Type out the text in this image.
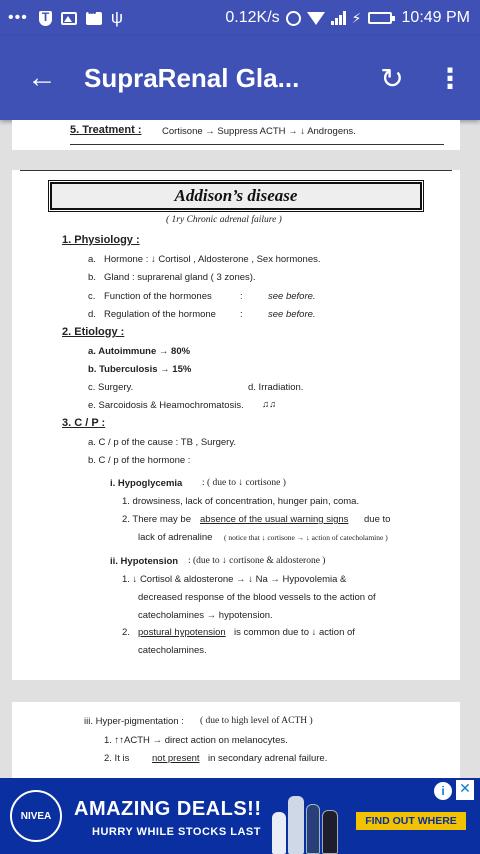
••• T •••	ψ	0.12K/s	⚡	10:49 PM
←	SupraRenal Gla...	↻	⋮
5. Treatment : Cortisone → Suppress ACTH → ↓ Androgens.
Addison’s disease
( 1ry Chronic adrenal failure )
1. Physiology :
a. Hormone : ↓ Cortisol , Aldosterone , Sex hormones.
b. Gland : suprarenal gland ( 3 zones).
c. Function of the hormones	:	see before.
d. Regulation of the hormone	:	see before.
2. Etiology :
a. Autoimmune → 80%
b. Tuberculosis → 15%
c. Surgery.	d. Irradiation.
e. Sarcoidosis & Heamochromatosis. ♫♫
3. C / P :
a. C / p of the cause : TB , Surgery.
b. C / p of the hormone :
i. Hypoglycemia : ( due to ↓ cortisone )
1. drowsiness, lack of concentration, hunger pain, coma.
2. There may be absence of the usual warning signs due to
lack of adrenaline ( notice that ↓ cortisone → ↓ action of catecholamine )
ii. Hypotension : (due to ↓ cortisone & aldosterone )
1. ↓ Cortisol & aldosterone → ↓ Na → Hypovolemia &
decreased response of the blood vessels to the action of
catecholamines → hypotension.
2. postural hypotension is common due to ↓ action of
catecholamines.
iii. Hyper-pigmentation : ( due to high level of ACTH )
1. ↑↑ACTH → direct action on melanocytes.
2. It is not present in secondary adrenal failure.
NIVEA	AMAZING DEALS!!
HURRY WHILE STOCKS LAST
FIND OUT WHERE
i	✕
